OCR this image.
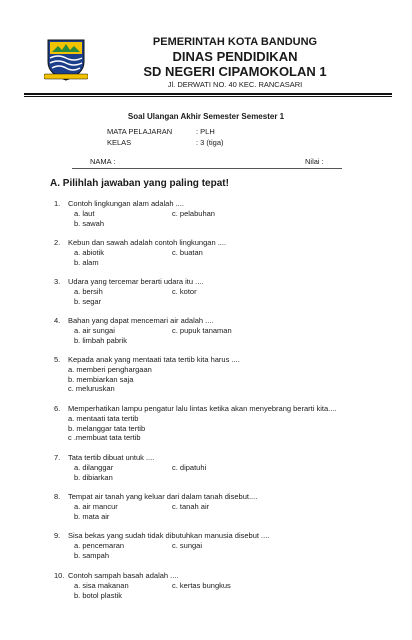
PEMERINTAH KOTA BANDUNG
DINAS PENDIDIKAN
SD NEGERI CIPAMOKOLAN 1
Jl. DERWATI NO. 40 KEC. RANCASARI
Soal Ulangan Akhir Semester Semester 1
MATA PELAJARAN	: PLH
KELAS	: 3 (tiga)
NAMA :	Nilai :
A. Pilihlah jawaban yang paling tepat!
1. Contoh lingkungan alam adalah ....
a. laut	c. pelabuhan
b. sawah
2. Kebun dan sawah adalah contoh lingkungan ....
a. abiotik	c. buatan
b. alam
3. Udara yang tercemar berarti udara itu ....
a. bersih	c. kotor
b. segar
4. Bahan yang dapat mencemari air adalah ....
a. air sungai	c. pupuk tanaman
b. limbah pabrik
5. Kepada anak yang mentaati tata tertib kita harus ....
a. memberi penghargaan
b. membiarkan saja
c. meluruskan
6. Memperhatikan lampu pengatur lalu lintas ketika akan menyebrang berarti kita....
a. mentaati tata tertib
b. melanggar tata tertib
c .membuat tata tertib
7. Tata tertib dibuat untuk ....
a. dilanggar	c. dipatuhi
b. dibiarkan
8. Tempat air tanah yang keluar dari dalam tanah disebut....
a. air mancur	c. tanah air
b. mata air
9. Sisa bekas yang sudah tidak dibutuhkan manusia disebut ....
a. pencemaran	c. sungai
b. sampah
10. Contoh sampah basah adalah ....
a. sisa makanan	c. kertas bungkus
b. botol plastik
